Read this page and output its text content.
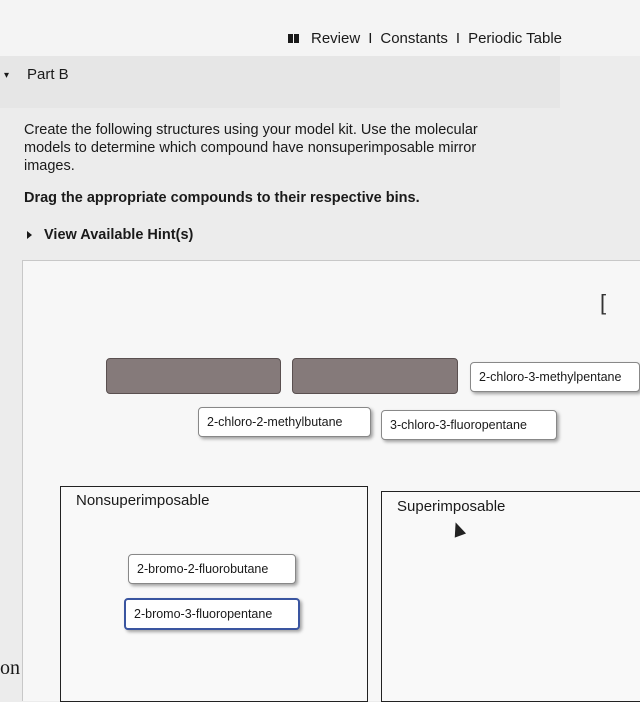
Review I Constants I Periodic Table
▾ Part B
Create the following structures using your model kit. Use the molecular models to determine which compound have nonsuperimposable mirror images.
Drag the appropriate compounds to their respective bins.
View Available Hint(s)
[
2-chloro-3-methylpentane
2-chloro-2-methylbutane	3-chloro-3-fluoropentane
Nonsuperimposable
2-bromo-2-fluorobutane
2-bromo-3-fluoropentane
Superimposable
on
